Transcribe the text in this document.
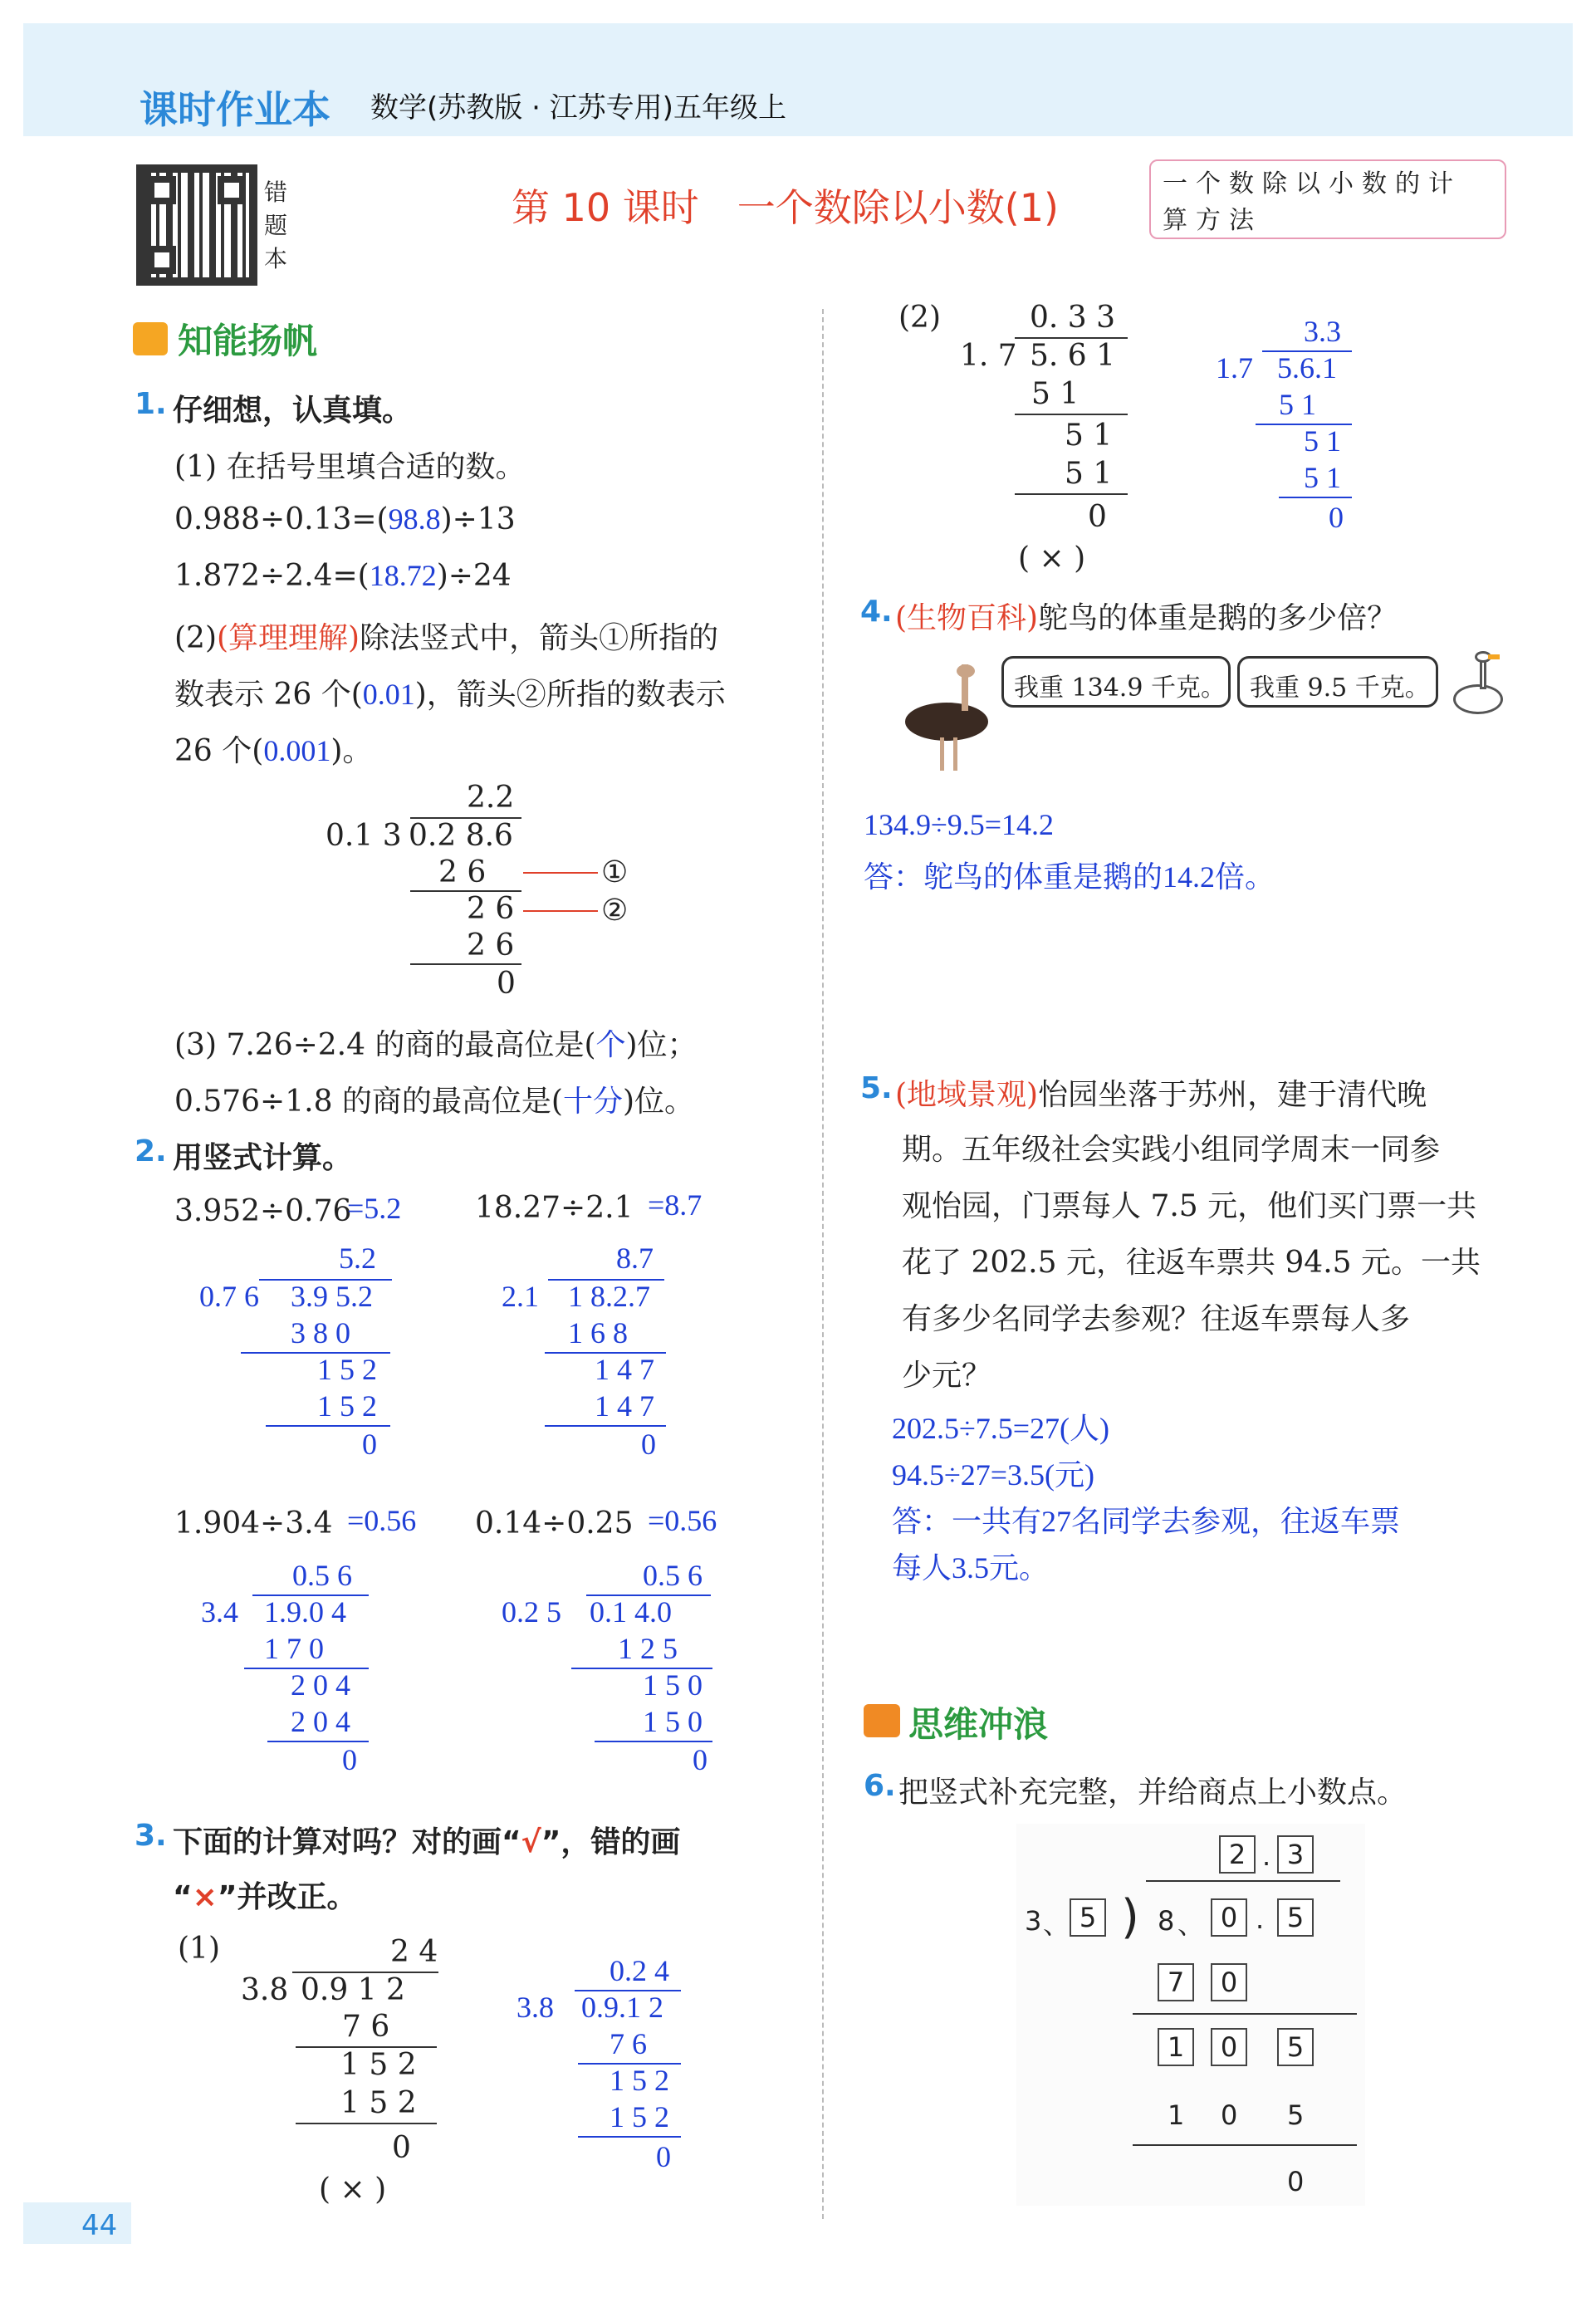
课时作业本 数学(苏教版 · 江苏专用)五年级上
错
题
本
第 10 课时　一个数除以小数(1)
一个数除以小数的计算方法
知能扬帆
1. 仔细想，认真填。
(1) 在括号里填合适的数。
0.988÷0.13=(98.8)÷13
1.872÷2.4=(18.72)÷24
(2)(算理理解)除法竖式中，箭头①所指的
数表示 26 个(0.01)，箭头②所指的数表示
26 个(0.001)。
2.2
0.1 3 0.2 8.6
2 6
2 6
2 6
0
①
②
(3) 7.26÷2.4 的商的最高位是(个)位；
0.576÷1.8 的商的最高位是(十分)位。
2. 用竖式计算。
3.952÷0.76
=5.2
5.2
0.7 6 3.9 5.2
3 8 0
1 5 2
1 5 2
0
18.27÷2.1 =8.7
8.7
2.1 1 8.2.7
1 6 8
1 4 7
1 4 7
0
1.904÷3.4 =0.56
0.5 6
3.4 1.9.0 4
1 7 0
2 0 4
2 0 4
0
0.14÷0.25 =0.56
0.5 6
0.2 5 0.1 4.0
1 2 5
1 5 0
1 5 0
0
3. 下面的计算对吗？对的画“√”，错的画
“×”并改正。
(1)	2 4
3.8 0.9 1 2
7 6
1 5 2
1 5 2
0
( × )
0.2 4
3.8 0.9.1 2
7 6
1 5 2
1 5 2
0
(2)	0. 3 3
1. 7 5. 6 1
5 1
5 1
5 1
0
( × )
3.3
1.7 5.6.1
5 1
5 1
5 1
0
4. (生物百科)鸵鸟的体重是鹅的多少倍？
我重 134.9 千克。 我重 9.5 千克。
134.9÷9.5=14.2
答：鸵鸟的体重是鹅的14.2倍。
5. (地域景观)怡园坐落于苏州，建于清代晚
期。五年级社会实践小组同学周末一同参
观怡园，门票每人 7.5 元，他们买门票一共
花了 202.5 元，往返车票共 94.5 元。一共
有多少名同学去参观？往返车票每人多
少元？
202.5÷7.5=27(人)
94.5÷27=3.5(元)
答：一共有27名同学去参观，往返车票
每人3.5元。
思维冲浪
6. 把竖式补充完整，并给商点上小数点。
2 . 3
3 、 5 ) 8 、 0 . 5
7	0
1	0	5
1 0 5
0
44
